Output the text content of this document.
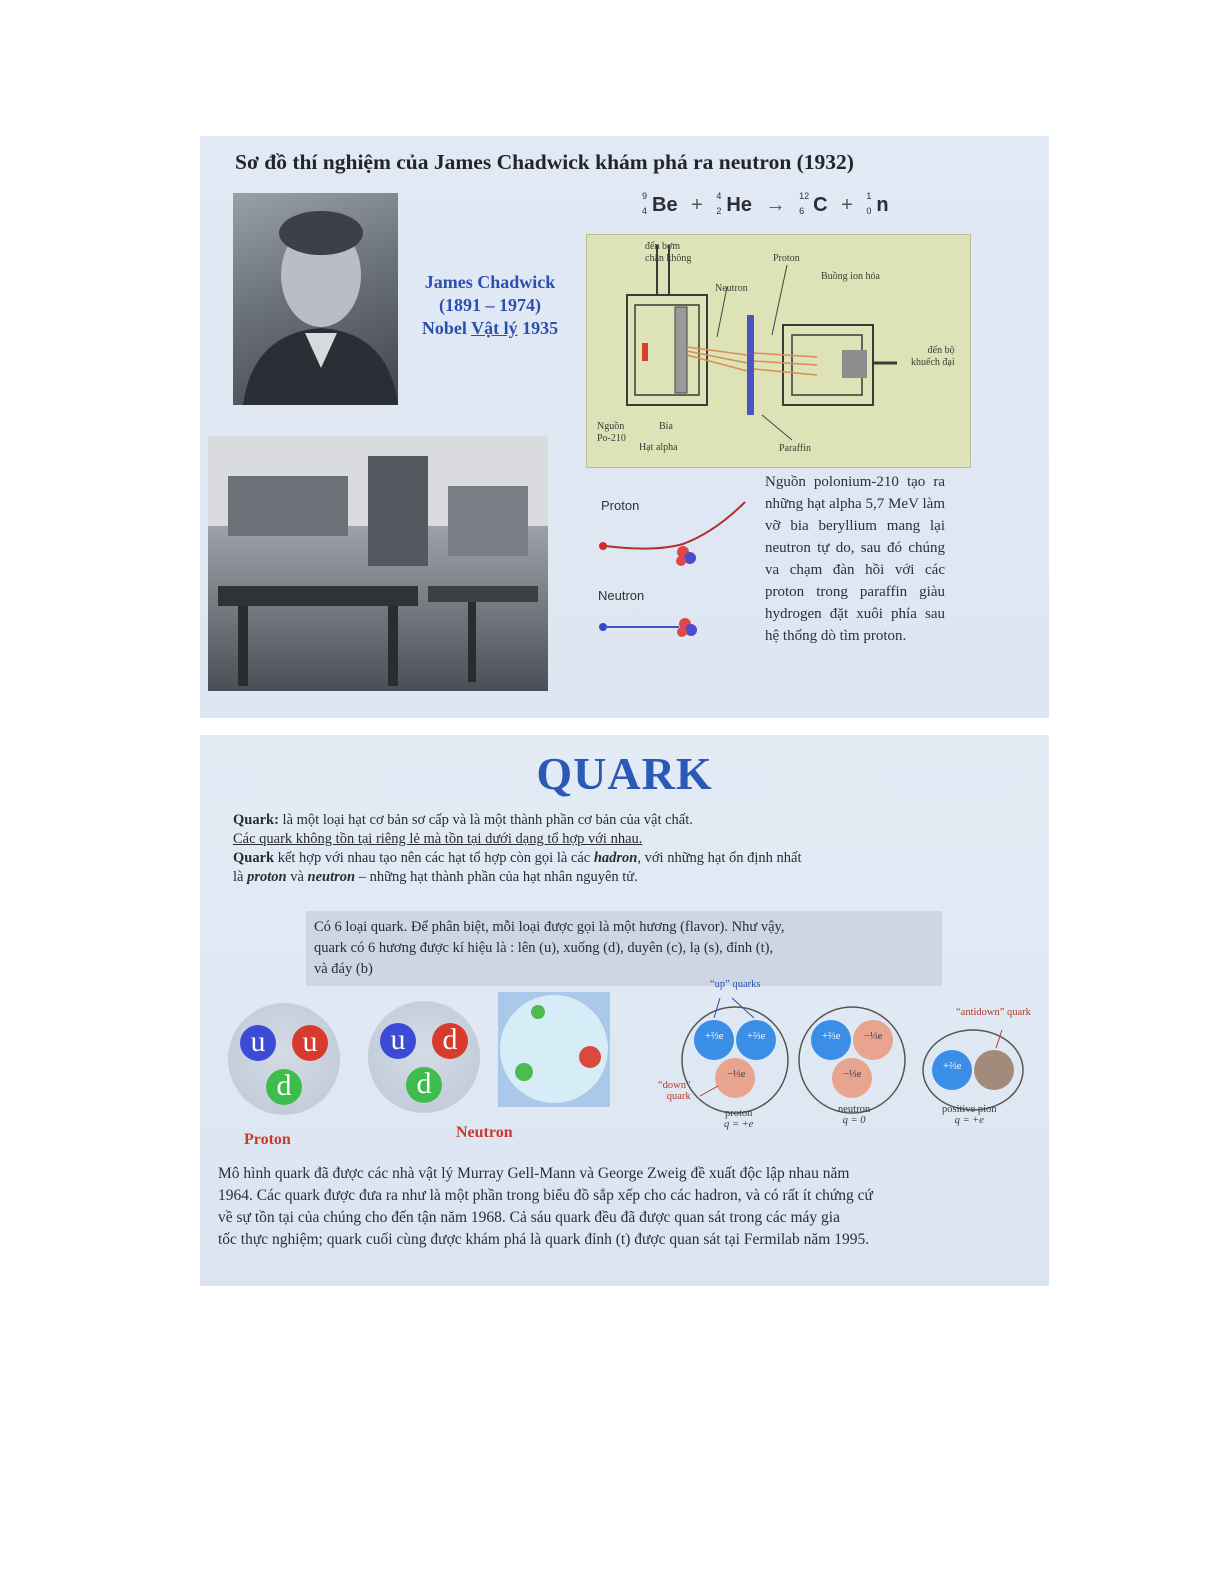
Sơ đồ thí nghiệm của James Chadwick khám phá ra neutron (1932)
9
4 Be + 4
2 He → 12
6 C + 1
0 n
James Chadwick
(1891 – 1974)
Nobel Vật lý 1935
đến bơm
chân không
Neutron
Proton
Buồng ion hóa
đến bộ
khuếch đại
Nguồn
Po-210
Bia
Hạt alpha	Paraffin
Proton
Neutron
Nguồn polonium-210 tạo ra những hạt alpha 5,7 MeV làm vỡ bia beryllium mang lại neutron tự do, sau đó chúng va chạm đàn hồi với các proton trong paraffin giàu hydrogen đặt xuôi phía sau hệ thống dò tìm proton.
QUARK
Quark: là một loại hạt cơ bản sơ cấp và là một thành phần cơ bản của vật chất.
Các quark không tồn tại riêng lẻ mà tồn tại dưới dạng tổ hợp với nhau.
Quark kết hợp với nhau tạo nên các hạt tổ hợp còn gọi là các hadron, với những hạt ổn định nhất
là proton và neutron – những hạt thành phần của hạt nhân nguyên tử.
Có 6 loại quark. Để phân biệt, mỗi loại được gọi là một hương (flavor). Như vậy,
quark có 6 hương được kí hiệu là : lên (u), xuống (d), duyên (c), lạ (s), đỉnh (t),
và đáy (b)
u	u
d
Proton
u	d
d
Neutron
“up” quarks
“down”
quark
“antidown” quark
+⅔e +⅔e
−⅓e
+⅔e −⅓e
−⅓e
+⅔e
proton
q = +e
neutron
q = 0
positive pion
q = +e
Mô hình quark đã được các nhà vật lý Murray Gell-Mann và George Zweig đề xuất độc lập nhau năm
1964. Các quark được đưa ra như là một phần trong biểu đồ sắp xếp cho các hadron, và có rất ít chứng cứ
về sự tồn tại của chúng cho đến tận năm 1968. Cả sáu quark đều đã được quan sát trong các máy gia
tốc thực nghiệm; quark cuối cùng được khám phá là quark đỉnh (t) được quan sát tại Fermilab năm 1995.
